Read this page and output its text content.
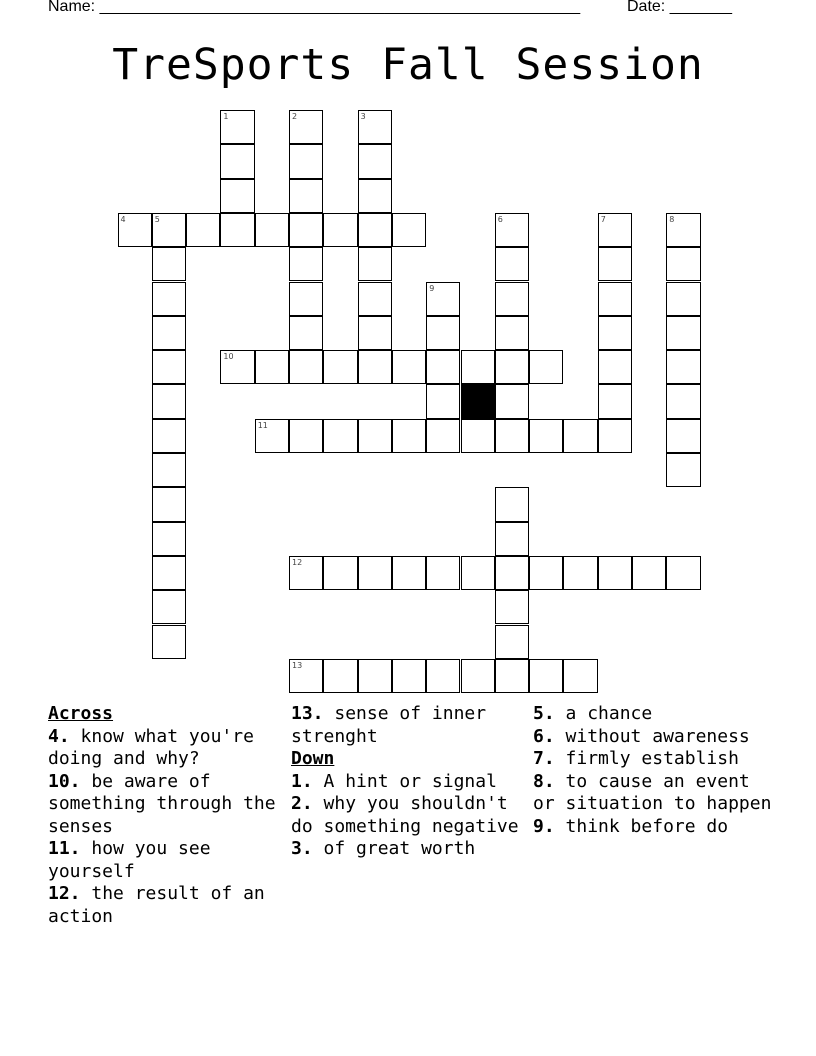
Name: ______________________________________________________	Date: _______
TreSports Fall Session
1	2	3
4	5	6	7	8
9
10
11
12
13

Across

4. know what you're doing and why?

10. be aware of something through the senses

11. how you see yourself

12. the result of an action

13. sense of inner strenght

Down

1. A hint or signal

2. why you shouldn't do something negative

3. of great worth

5. a chance

6. without awareness

7. firmly establish

8. to cause an event or situation to happen

9. think before do
